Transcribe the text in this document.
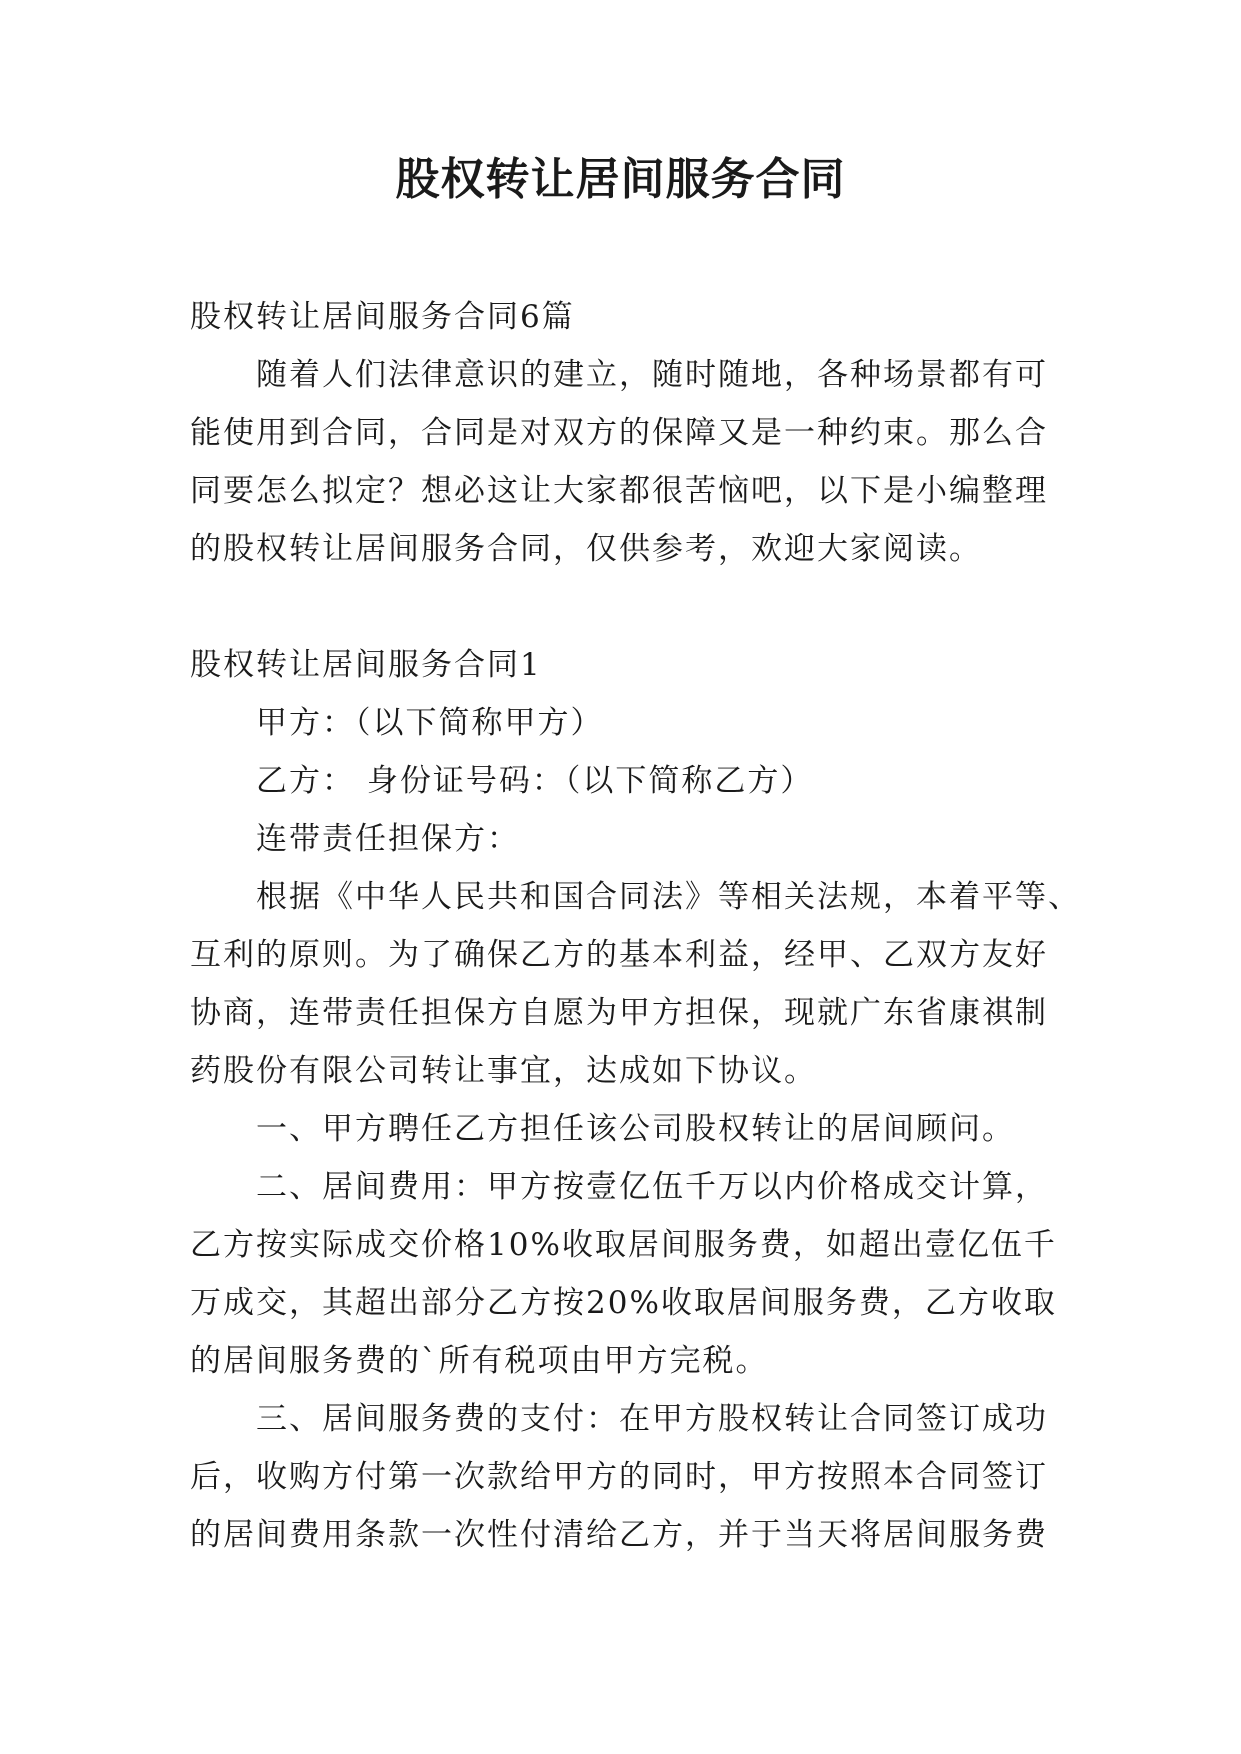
股权转让居间服务合同
股权转让居间服务合同6篇
随着人们法律意识的建立，随时随地，各种场景都有可
能使用到合同，合同是对双方的保障又是一种约束。那么合
同要怎么拟定？想必这让大家都很苦恼吧，以下是小编整理
的股权转让居间服务合同，仅供参考，欢迎大家阅读。
股权转让居间服务合同1
甲方：（以下简称甲方）
乙方： 身份证号码：（以下简称乙方）
连带责任担保方：
根据《中华人民共和国合同法》等相关法规，本着平等、
互利的原则。为了确保乙方的基本利益，经甲、乙双方友好
协商，连带责任担保方自愿为甲方担保，现就广东省康祺制
药股份有限公司转让事宜，达成如下协议。
一、甲方聘任乙方担任该公司股权转让的居间顾问。
二、居间费用：甲方按壹亿伍千万以内价格成交计算，
乙方按实际成交价格10%收取居间服务费，如超出壹亿伍千
万成交，其超出部分乙方按20%收取居间服务费，乙方收取
的居间服务费的`所有税项由甲方完税。
三、居间服务费的支付：在甲方股权转让合同签订成功
后，收购方付第一次款给甲方的同时，甲方按照本合同签订
的居间费用条款一次性付清给乙方，并于当天将居间服务费
